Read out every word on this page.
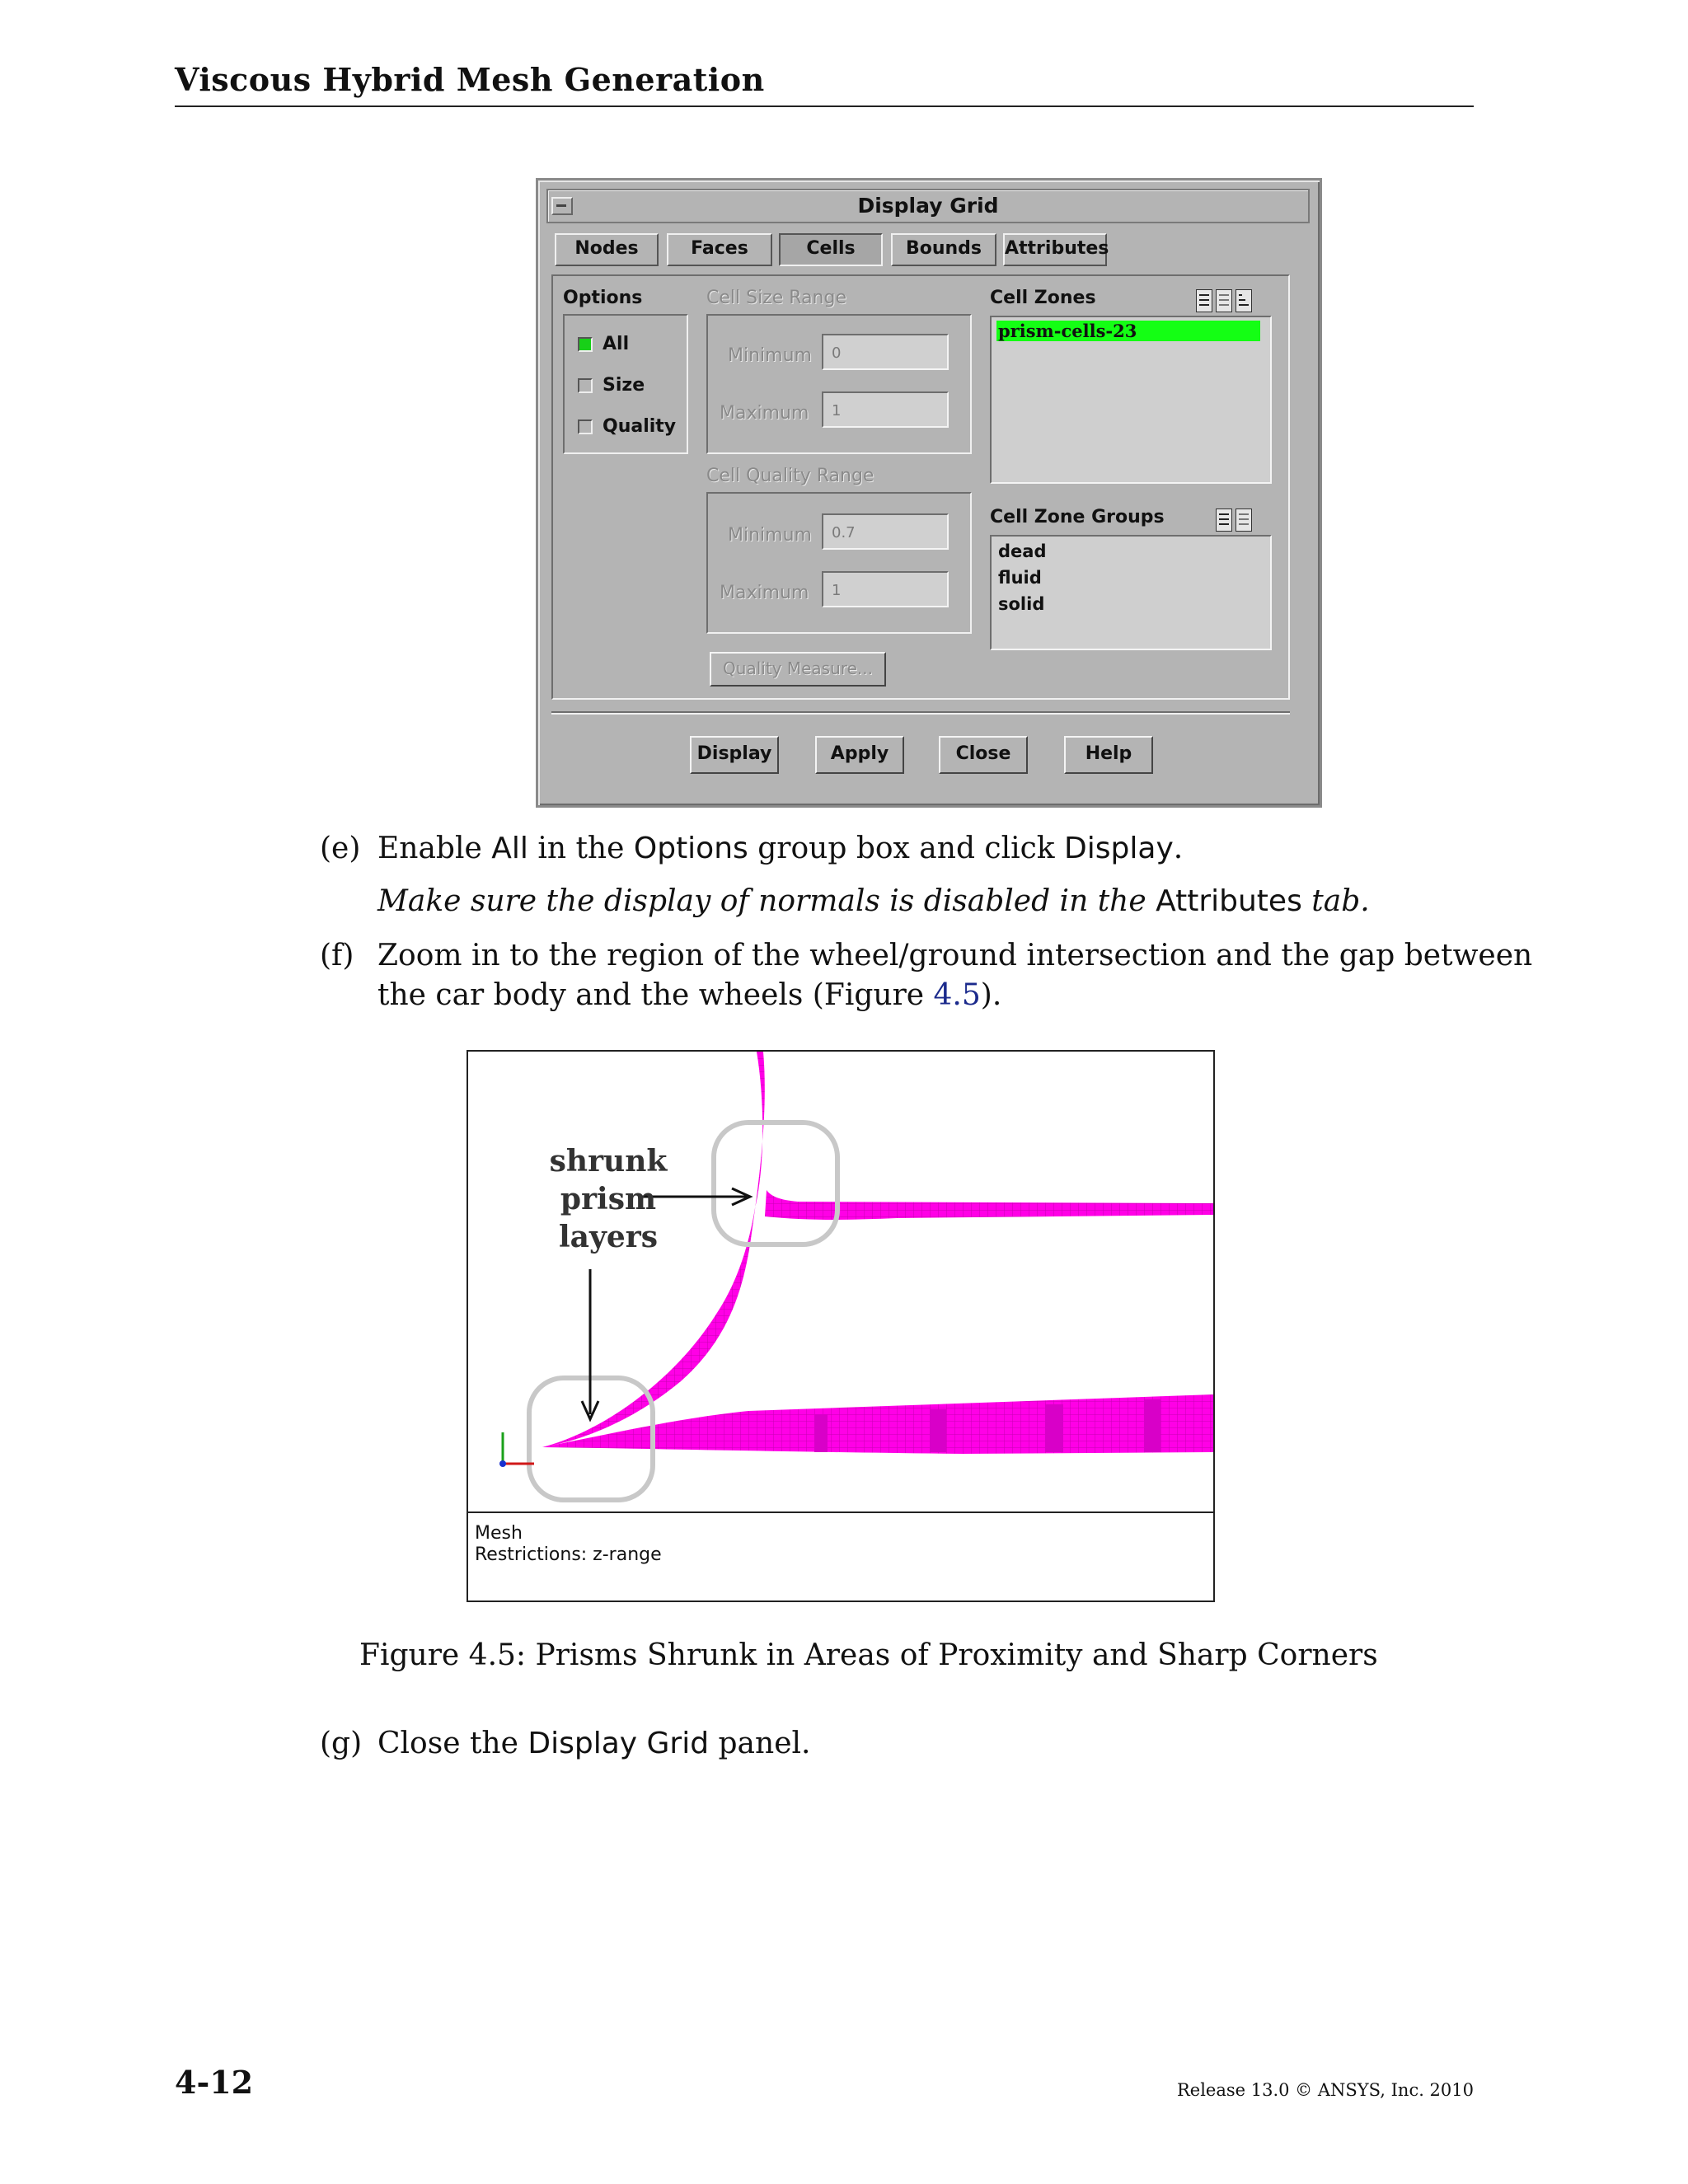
Viscous Hybrid Mesh Generation
Display Grid
Nodes	Faces	Cells	Bounds	Attributes
Options
All
Size
Quality
Cell Size Range
Minimum	0
Maximum	1
Cell Quality Range
Minimum	0.7
Maximum	1
Quality Measure...
Cell Zones
prism-cells-23
Cell Zone Groups
dead
fluid
solid
Display	Apply	Close	Help
(e) Enable All in the Options group box and click Display.
Make sure the display of normals is disabled in the Attributes tab.
(f) Zoom in to the region of the wheel/ground intersection and the gap between
the car body and the wheels (Figure 4.5).
shrunk
prism
layers
Mesh
Restrictions: z-range
Figure 4.5: Prisms Shrunk in Areas of Proximity and Sharp Corners
(g) Close the Display Grid panel.
4-12	Release 13.0 © ANSYS, Inc. 2010
